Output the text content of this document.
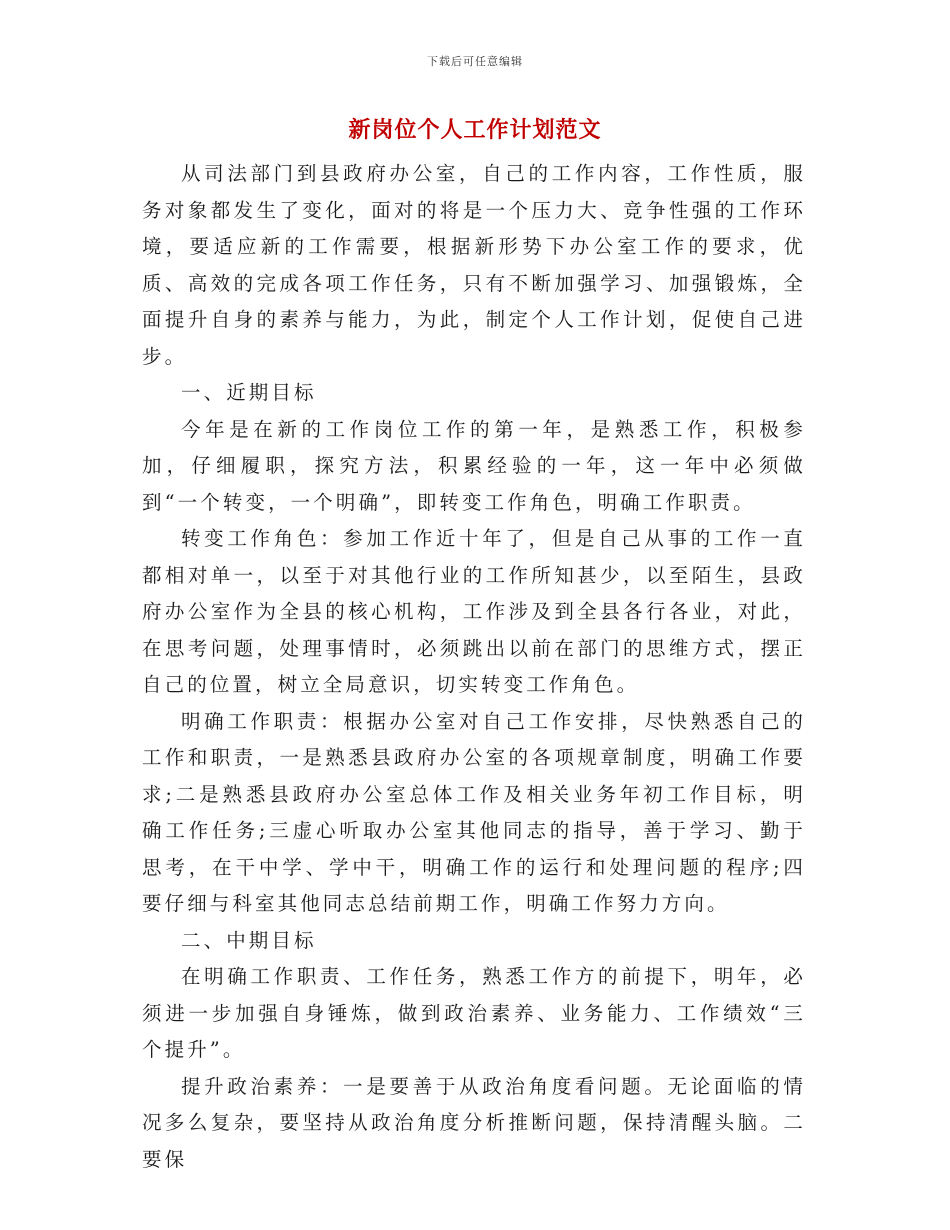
下载后可任意编辑
新岗位个人工作计划范文

从司法部门到县政府办公室，自己的工作内容，工作性质，服务对象都发生了变化，面对的将是一个压力大、竞争性强的工作环境，要适应新的工作需要，根据新形势下办公室工作的要求，优质、高效的完成各项工作任务，只有不断加强学习、加强锻炼，全面提升自身的素养与能力，为此，制定个人工作计划，促使自己进步。

一、近期目标

今年是在新的工作岗位工作的第一年，是熟悉工作，积极参加，仔细履职，探究方法，积累经验的一年，这一年中必须做到“一个转变，一个明确”，即转变工作角色，明确工作职责。

转变工作角色：参加工作近十年了，但是自己从事的工作一直都相对单一，以至于对其他行业的工作所知甚少，以至陌生，县政府办公室作为全县的核心机构，工作涉及到全县各行各业，对此，在思考问题，处理事情时，必须跳出以前在部门的思维方式，摆正自己的位置，树立全局意识，切实转变工作角色。

明确工作职责：根据办公室对自己工作安排，尽快熟悉自己的工作和职责，一是熟悉县政府办公室的各项规章制度，明确工作要求;二是熟悉县政府办公室总体工作及相关业务年初工作目标，明确工作任务;三虚心听取办公室其他同志的指导，善于学习、勤于思考，在干中学、学中干，明确工作的运行和处理问题的程序;四要仔细与科室其他同志总结前期工作，明确工作努力方向。

二、中期目标

在明确工作职责、工作任务，熟悉工作方的前提下，明年，必须进一步加强自身锤炼，做到政治素养、业务能力、工作绩效“三个提升”。

提升政治素养：一是要善于从政治角度看问题。无论面临的情况多么复杂，要坚持从政治角度分析推断问题，保持清醒头脑。二要保
